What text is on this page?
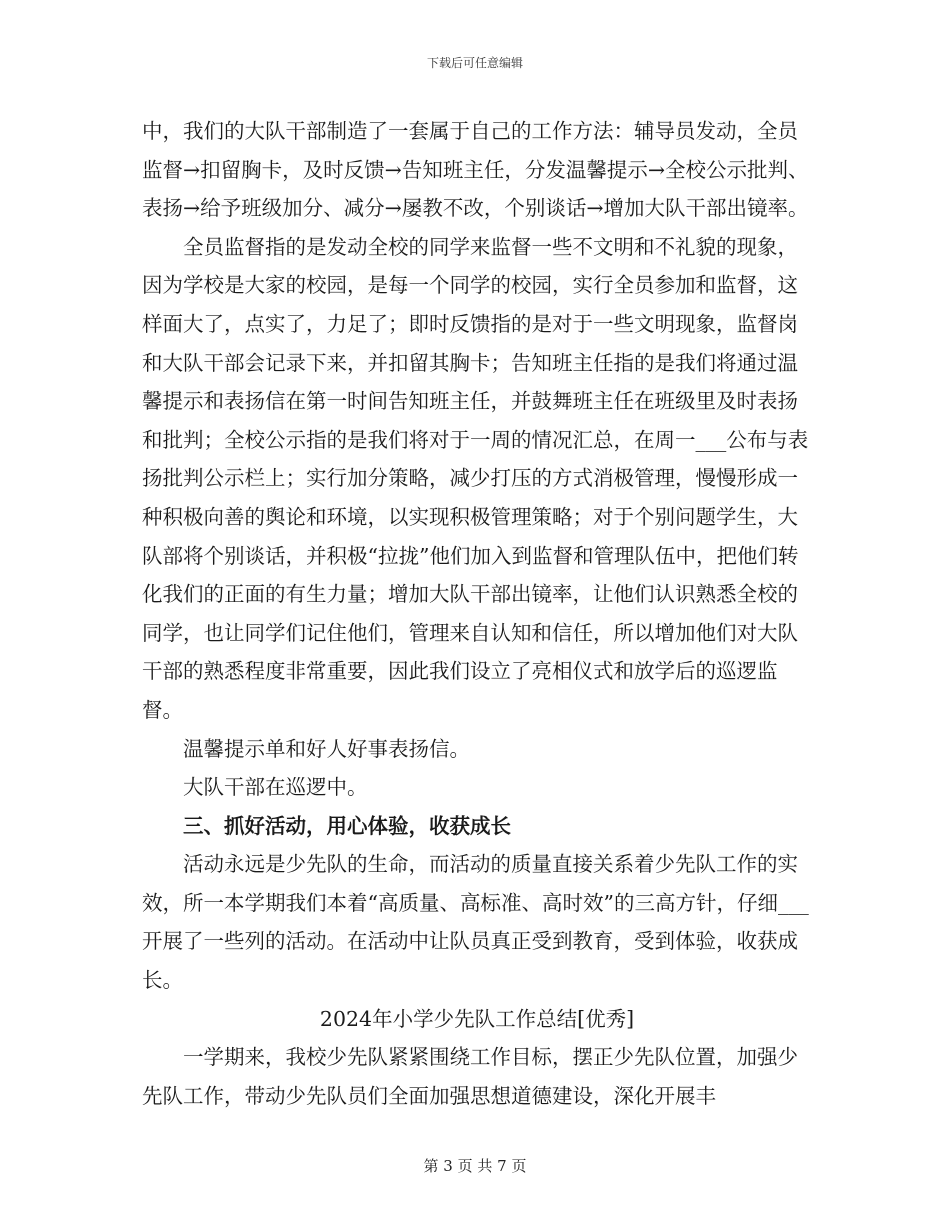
下载后可任意编辑

中，我们的大队干部制造了一套属于自己的工作方法：辅导员发动，全员监督→扣留胸卡，及时反馈→告知班主任，分发温馨提示→全校公示批判、表扬→给予班级加分、减分→屡教不改，个别谈话→增加大队干部出镜率。

全员监督指的是发动全校的同学来监督一些不文明和不礼貌的现象，因为学校是大家的校园，是每一个同学的校园，实行全员参加和监督，这样面大了，点实了，力足了；即时反馈指的是对于一些文明现象，监督岗和大队干部会记录下来，并扣留其胸卡；告知班主任指的是我们将通过温馨提示和表扬信在第一时间告知班主任，并鼓舞班主任在班级里及时表扬和批判；全校公示指的是我们将对于一周的情况汇总，在周一___公布与表扬批判公示栏上；实行加分策略，减少打压的方式消极管理，慢慢形成一种积极向善的舆论和环境，以实现积极管理策略；对于个别问题学生，大队部将个别谈话，并积极“拉拢”他们加入到监督和管理队伍中，把他们转化我们的正面的有生力量；增加大队干部出镜率，让他们认识熟悉全校的同学，也让同学们记住他们，管理来自认知和信任，所以增加他们对大队干部的熟悉程度非常重要，因此我们设立了亮相仪式和放学后的巡逻监督。

温馨提示单和好人好事表扬信。

大队干部在巡逻中。

三、抓好活动，用心体验，收获成长

活动永远是少先队的生命，而活动的质量直接关系着少先队工作的实效，所一本学期我们本着“高质量、高标准、高时效”的三高方针，仔细___开展了一些列的活动。在活动中让队员真正受到教育，受到体验，收获成长。

2024年小学少先队工作总结[优秀]

一学期来，我校少先队紧紧围绕工作目标，摆正少先队位置，加强少先队工作，带动少先队员们全面加强思想道德建设，深化开展丰

第 3 页 共 7 页
